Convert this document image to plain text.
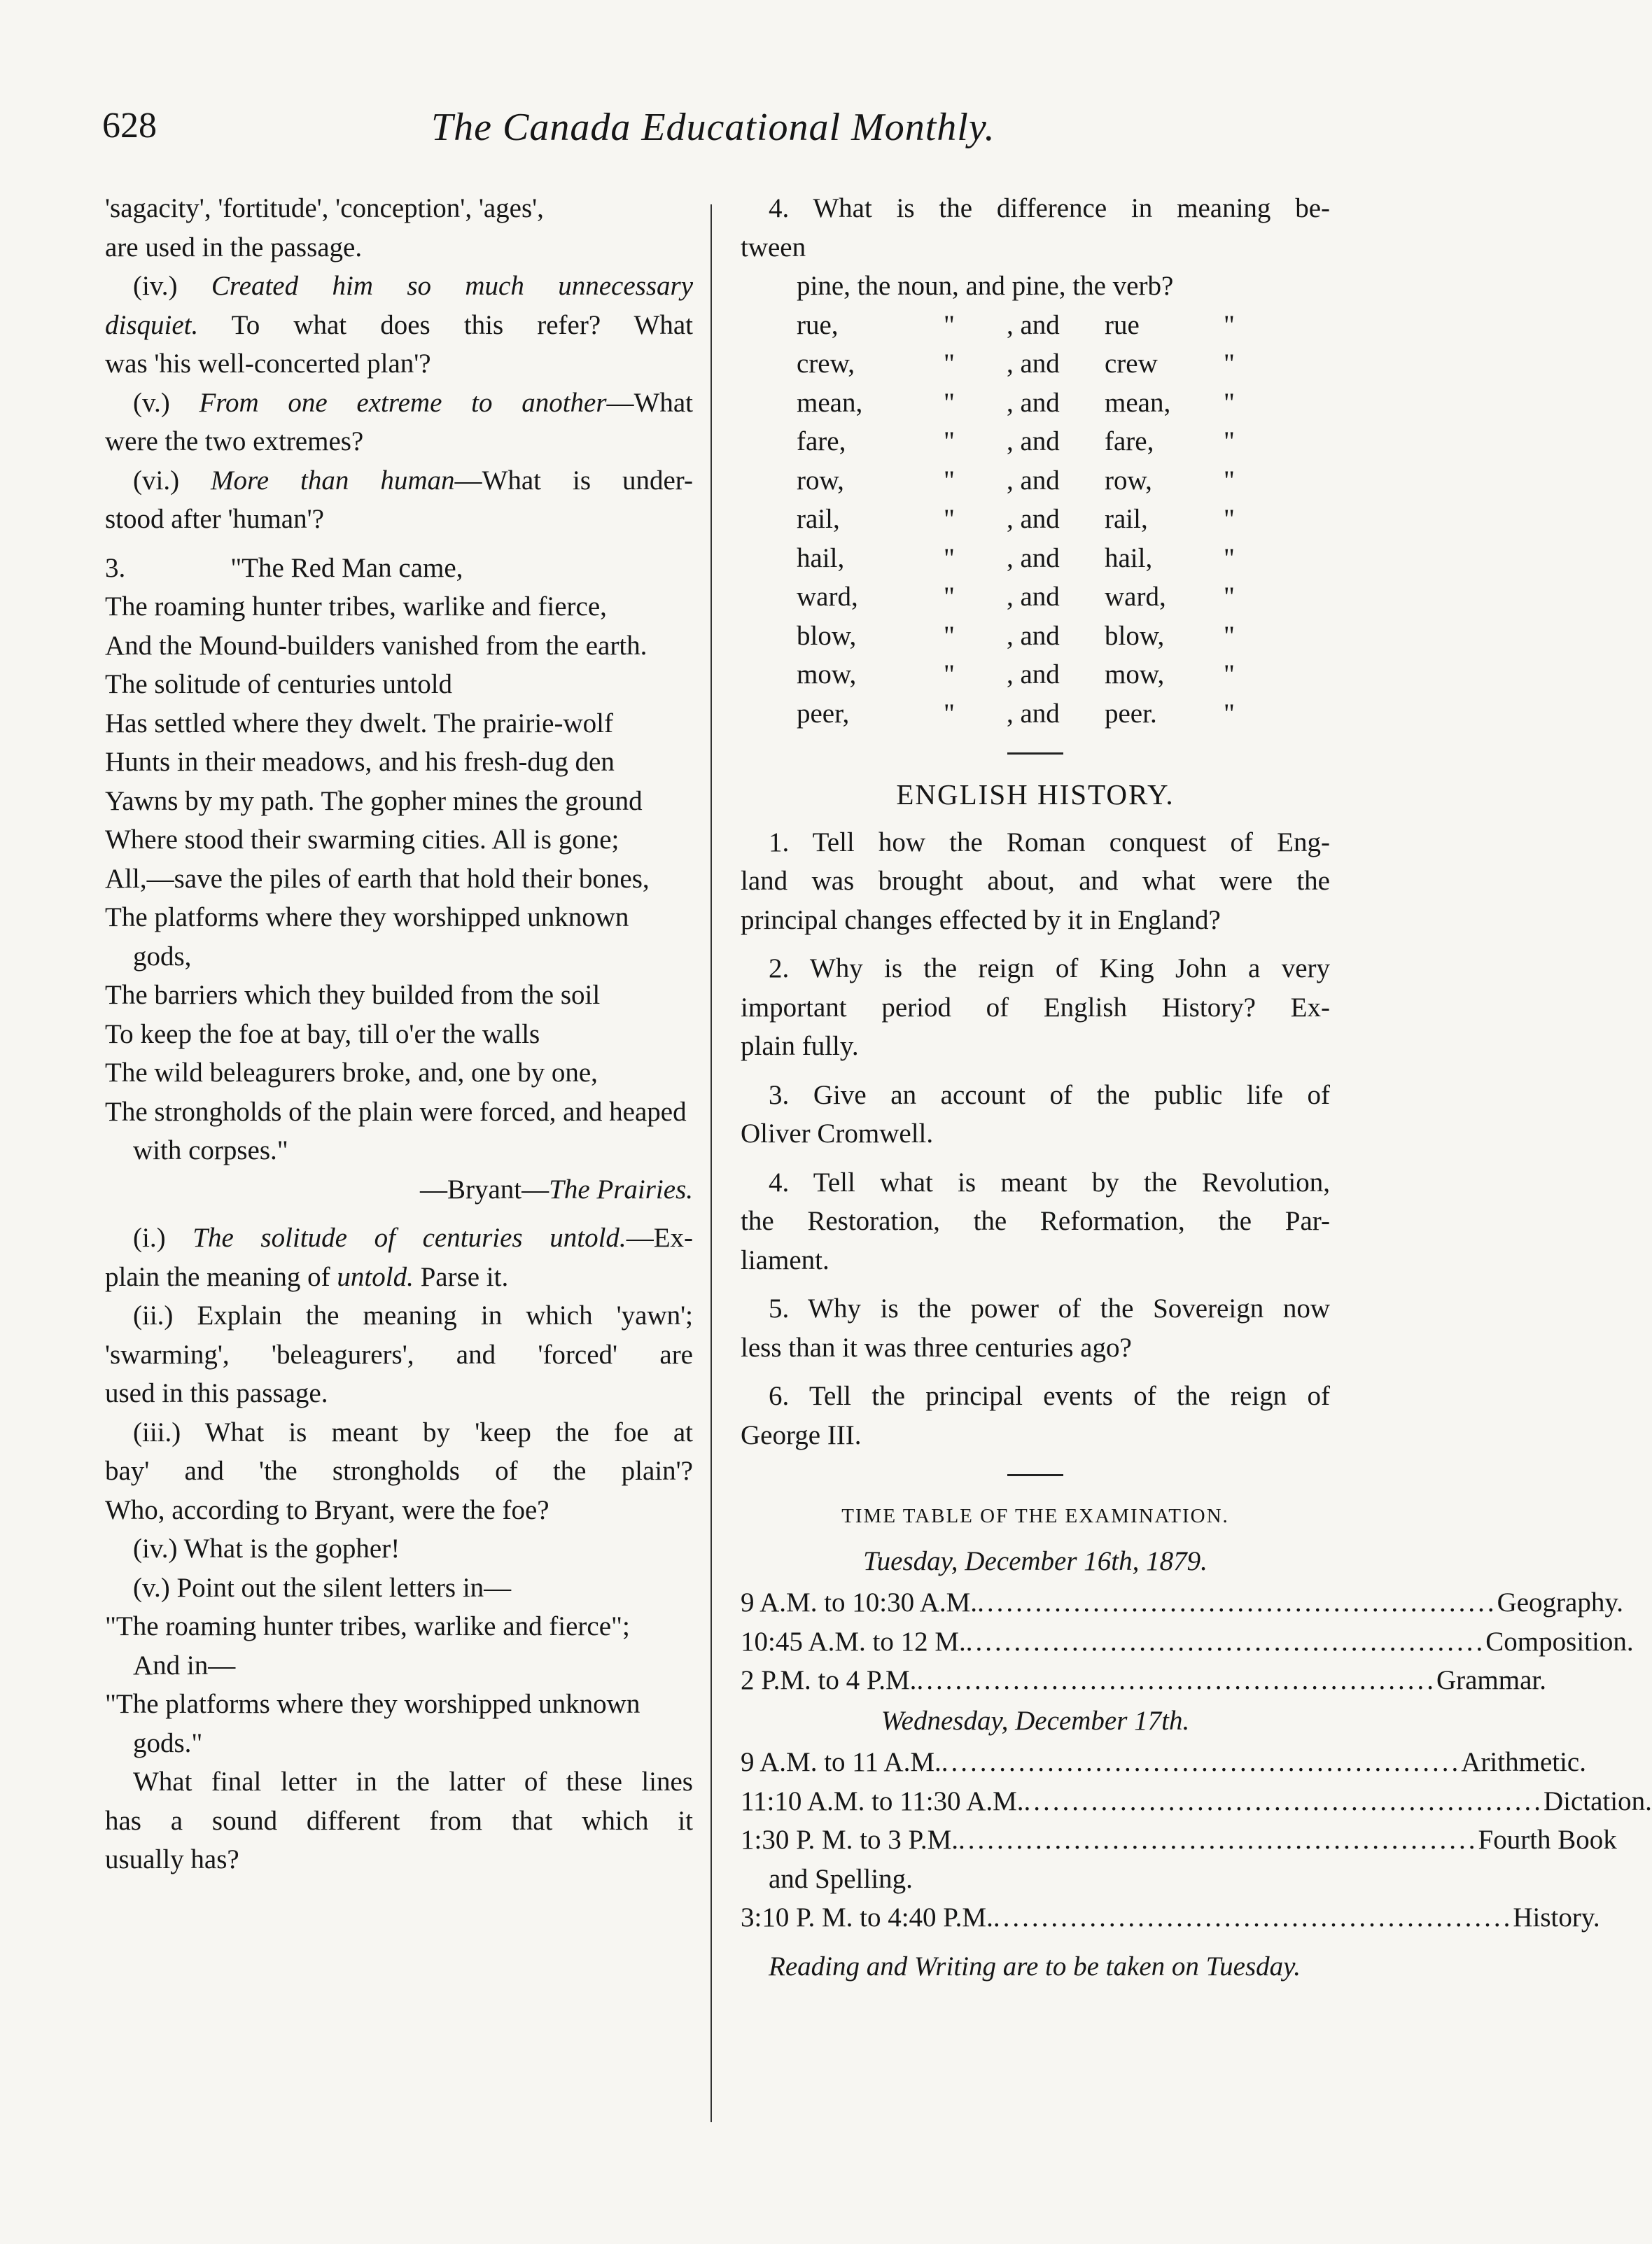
628	The Canada Educational Monthly.
'sagacity', 'fortitude', 'conception', 'ages',
are used in the passage.
(iv.) Created him so much unnecessary
disquiet. To what does this refer? What
was 'his well-concerted plan'?
(v.) From one extreme to another—What
were the two extremes?
(vi.) More than human—What is under-
stood after 'human'?
3.	"The Red Man came,
The roaming hunter tribes, warlike and fierce,
And the Mound-builders vanished from the earth.
The solitude of centuries untold
Has settled where they dwelt. The prairie-wolf
Hunts in their meadows, and his fresh-dug den
Yawns by my path. The gopher mines the ground
Where stood their swarming cities. All is gone;
All,—save the piles of earth that hold their bones,
The platforms where they worshipped unknown gods,
The barriers which they builded from the soil
To keep the foe at bay, till o'er the walls
The wild beleagurers broke, and, one by one,
The strongholds of the plain were forced, and heaped with corpses."
—Bryant—The Prairies.
(i.) The solitude of centuries untold.—Ex-
plain the meaning of untold. Parse it.
(ii.) Explain the meaning in which 'yawn';
'swarming', 'beleagurers', and 'forced' are
used in this passage.
(iii.) What is meant by 'keep the foe at
bay' and 'the strongholds of the plain'?
Who, according to Bryant, were the foe?
(iv.) What is the gopher!
(v.) Point out the silent letters in—
"The roaming hunter tribes, warlike and fierce";
And in—
"The platforms where they worshipped unknown gods."
What final letter in the latter of these lines
has a sound different from that which it
usually has?
4. What is the difference in meaning be-
tween
pine, the noun, and pine, the verb?
rue,	"	, and	rue	"
crew,	"	, and	crew	"
mean,	"	, and	mean,	"
fare,	"	, and	fare,	"
row,	"	, and	row,	"
rail,	"	, and	rail,	"
hail,	"	, and	hail,	"
ward,	"	, and	ward,	"
blow,	"	, and	blow,	"
mow,	"	, and	mow,	"
peer,	"	, and	peer.	"
ENGLISH HISTORY.
1. Tell how the Roman conquest of Eng-
land was brought about, and what were the
principal changes effected by it in England?
2. Why is the reign of King John a very
important period of English History? Ex-
plain fully.
3. Give an account of the public life of
Oliver Cromwell.
4. Tell what is meant by the Revolution,
the Restoration, the Reformation, the Par-
liament.
5. Why is the power of the Sovereign now
less than it was three centuries ago?
6. Tell the principal events of the reign of
George III.
TIME TABLE OF THE EXAMINATION.
Tuesday, December 16th, 1879.
9 A.M. to 10:30 A.M. ...................................................... Geography.
10:45 A.M. to 12 M. ...................................................... Composition.
2 P.M. to 4 P.M. ...................................................... Grammar.
Wednesday, December 17th.
9 A.M. to 11 A.M. ...................................................... Arithmetic.
11:10 A.M. to 11:30 A.M. ...................................................... Dictation.
1:30 P. M. to 3 P.M. ...................................................... Fourth Book
and Spelling.
3:10 P. M. to 4:40 P.M. ...................................................... History.
Reading and Writing are to be taken on Tuesday.
